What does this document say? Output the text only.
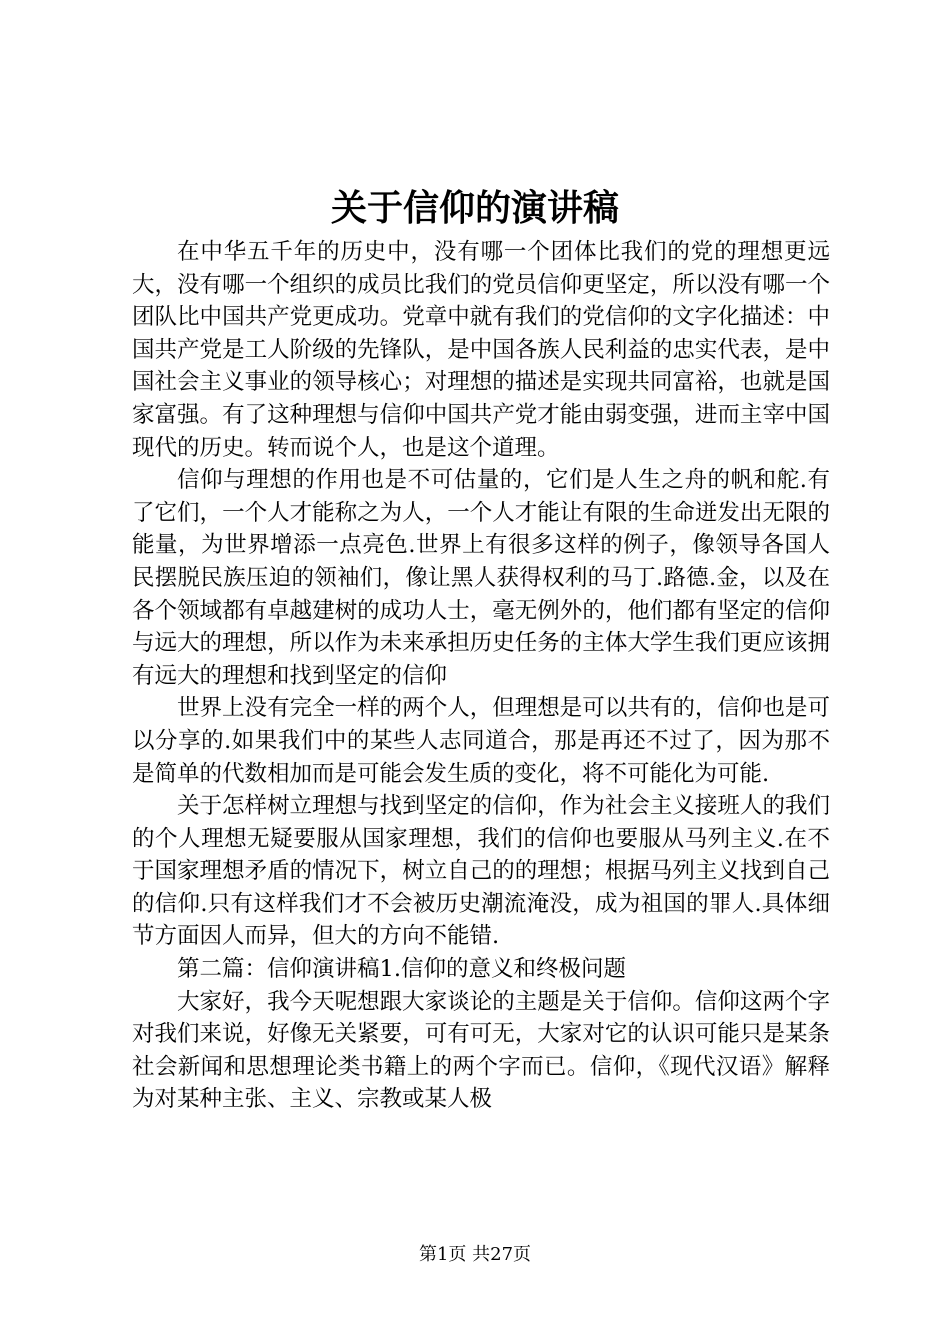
关于信仰的演讲稿

在中华五千年的历史中，没有哪一个团体比我们的党的理想更远大，没有哪一个组织的成员比我们的党员信仰更坚定，所以没有哪一个团队比中国共产党更成功。党章中就有我们的党信仰的文字化描述：中国共产党是工人阶级的先锋队，是中国各族人民利益的忠实代表，是中国社会主义事业的领导核心；对理想的描述是实现共同富裕，也就是国家富强。有了这种理想与信仰中国共产党才能由弱变强，进而主宰中国现代的历史。转而说个人，也是这个道理。

信仰与理想的作用也是不可估量的，它们是人生之舟的帆和舵.有了它们，一个人才能称之为人，一个人才能让有限的生命迸发出无限的能量，为世界增添一点亮色.世界上有很多这样的例子，像领导各国人民摆脱民族压迫的领袖们，像让黑人获得权利的马丁.路德.金，以及在各个领域都有卓越建树的成功人士，毫无例外的，他们都有坚定的信仰与远大的理想，所以作为未来承担历史任务的主体大学生我们更应该拥有远大的理想和找到坚定的信仰

世界上没有完全一样的两个人，但理想是可以共有的，信仰也是可以分享的.如果我们中的某些人志同道合，那是再还不过了，因为那不是简单的代数相加而是可能会发生质的变化，将不可能化为可能.

关于怎样树立理想与找到坚定的信仰，作为社会主义接班人的我们的个人理想无疑要服从国家理想，我们的信仰也要服从马列主义.在不于国家理想矛盾的情况下，树立自己的的理想；根据马列主义找到自己的信仰.只有这样我们才不会被历史潮流淹没，成为祖国的罪人.具体细节方面因人而异，但大的方向不能错.

第二篇：信仰演讲稿1.信仰的意义和终极问题

大家好，我今天呢想跟大家谈论的主题是关于信仰。信仰这两个字对我们来说，好像无关紧要，可有可无，大家对它的认识可能只是某条社会新闻和思想理论类书籍上的两个字而已。信仰，《现代汉语》解释为对某种主张、主义、宗教或某人极

第1页 共27页
